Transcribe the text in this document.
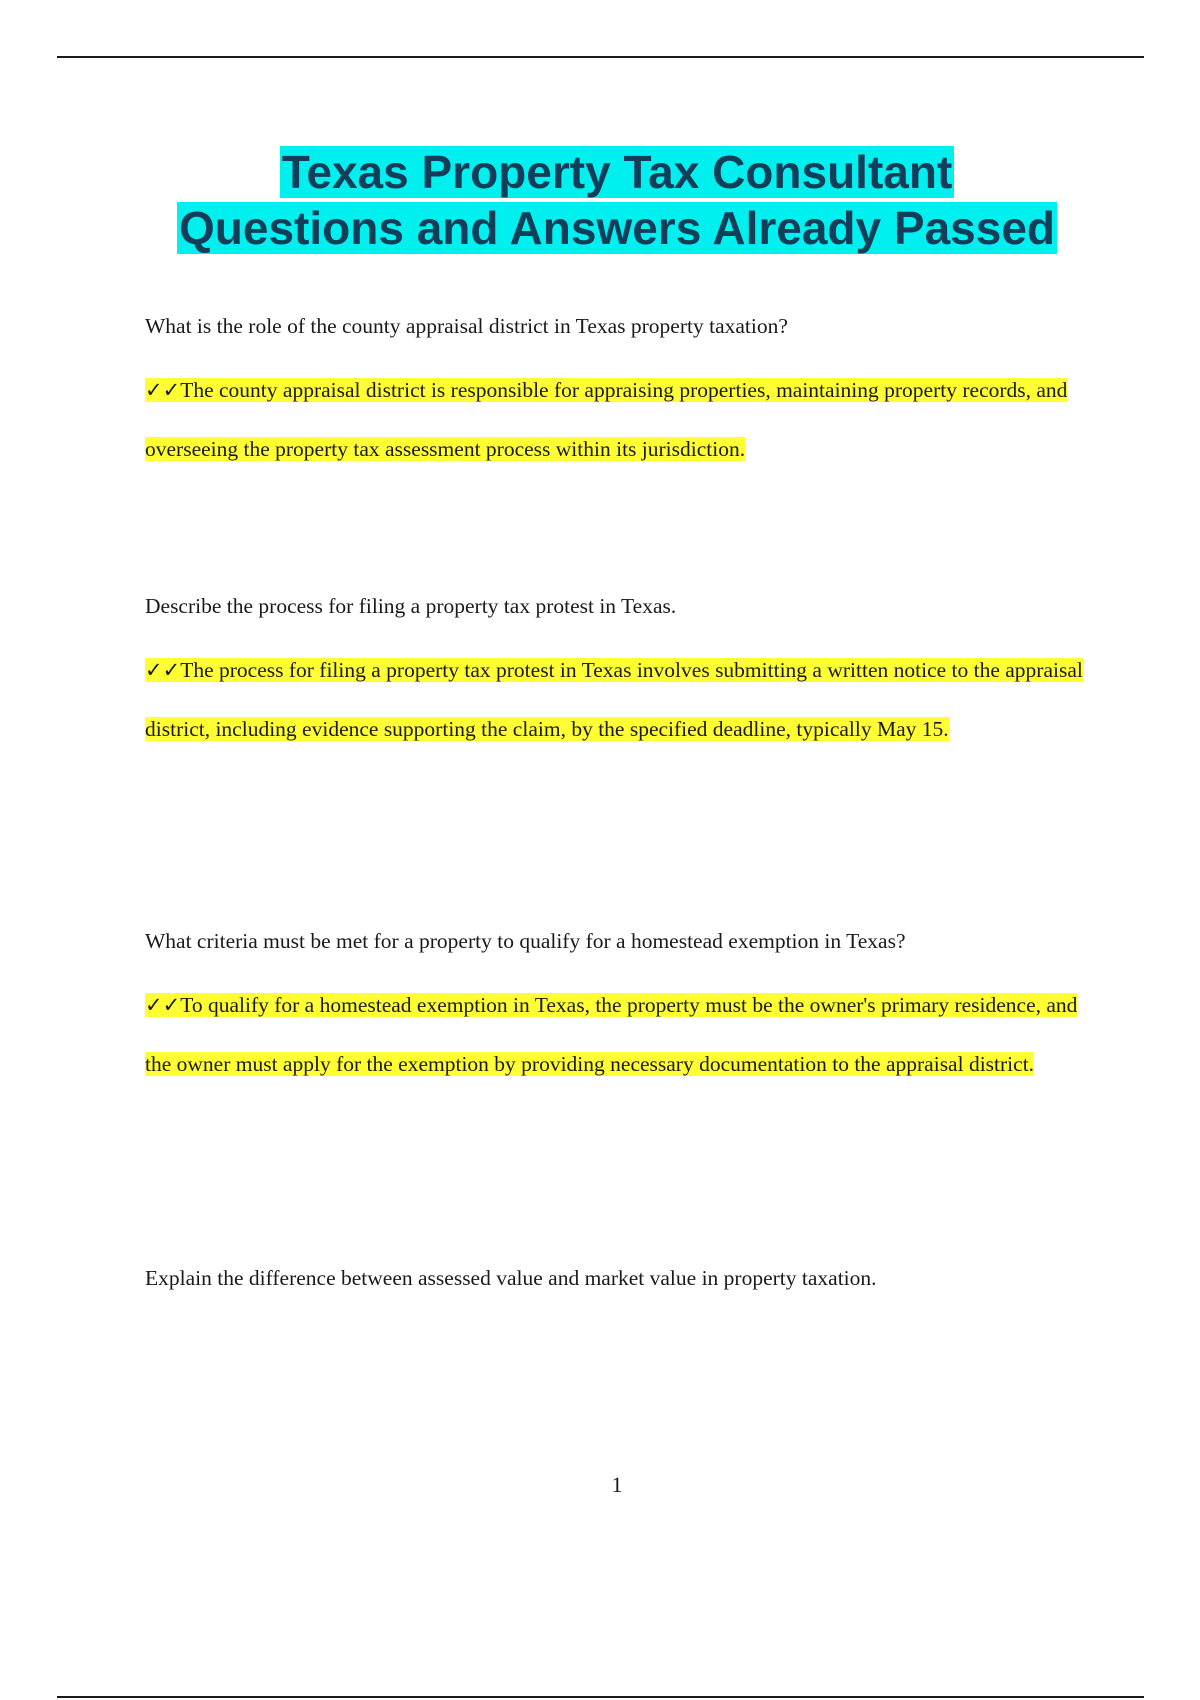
Texas Property Tax Consultant
Questions and Answers Already Passed

What is the role of the county appraisal district in Texas property taxation?

✓✓The county appraisal district is responsible for appraising properties, maintaining property records, and overseeing the property tax assessment process within its jurisdiction.

Describe the process for filing a property tax protest in Texas.

✓✓The process for filing a property tax protest in Texas involves submitting a written notice to the appraisal district, including evidence supporting the claim, by the specified deadline, typically May 15.

What criteria must be met for a property to qualify for a homestead exemption in Texas?

✓✓To qualify for a homestead exemption in Texas, the property must be the owner's primary residence, and the owner must apply for the exemption by providing necessary documentation to the appraisal district.

Explain the difference between assessed value and market value in property taxation.

1
